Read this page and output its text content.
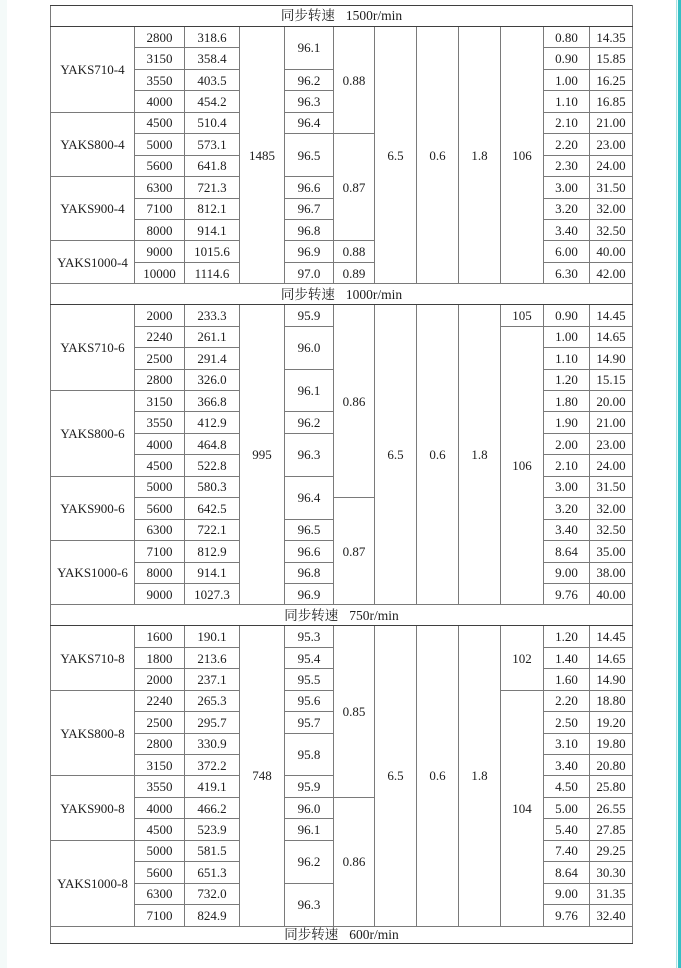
同步转速 1500r/min											
YAKS710-4	2800	318.6	1485	96.1	0.88	6.5	0.6	1.8	106	0.80	14.35
	3150	358.4								0.90	15.85
	3550	403.5		96.2						1.00	16.25
	4000	454.2		96.3						1.10	16.85
YAKS800-4	4500	510.4		96.4						2.10	21.00
	5000	573.1		96.5	0.87					2.20	23.00
	5600	641.8								2.30	24.00
YAKS900-4	6300	721.3		96.6						3.00	31.50
	7100	812.1		96.7						3.20	32.00
	8000	914.1		96.8						3.40	32.50
YAKS1000-4	9000	1015.6		96.9	0.88					6.00	40.00
	10000	1114.6		97.0	0.89					6.30	42.00
同步转速 1000r/min											
YAKS710-6	2000	233.3	995	95.9	0.86	6.5	0.6	1.8	105	0.90	14.45
	2240	261.1		96.0					106	1.00	14.65
	2500	291.4								1.10	14.90
	2800	326.0		96.1						1.20	15.15
YAKS800-6	3150	366.8								1.80	20.00
	3550	412.9		96.2						1.90	21.00
	4000	464.8		96.3						2.00	23.00
	4500	522.8								2.10	24.00
YAKS900-6	5000	580.3		96.4						3.00	31.50
	5600	642.5			0.87					3.20	32.00
	6300	722.1		96.5						3.40	32.50
YAKS1000-6	7100	812.9		96.6						8.64	35.00
	8000	914.1		96.8						9.00	38.00
	9000	1027.3		96.9						9.76	40.00
同步转速 750r/min											
YAKS710-8	1600	190.1	748	95.3	0.85	6.5	0.6	1.8	102	1.20	14.45
	1800	213.6		95.4						1.40	14.65
	2000	237.1		95.5						1.60	14.90
YAKS800-8	2240	265.3		95.6					104	2.20	18.80
	2500	295.7		95.7						2.50	19.20
	2800	330.9		95.8						3.10	19.80
	3150	372.2								3.40	20.80
YAKS900-8	3550	419.1		95.9						4.50	25.80
	4000	466.2		96.0	0.86					5.00	26.55
	4500	523.9		96.1						5.40	27.85
YAKS1000-8	5000	581.5		96.2						7.40	29.25
	5600	651.3								8.64	30.30
	6300	732.0		96.3						9.00	31.35
	7100	824.9								9.76	32.40
同步转速 600r/min											
